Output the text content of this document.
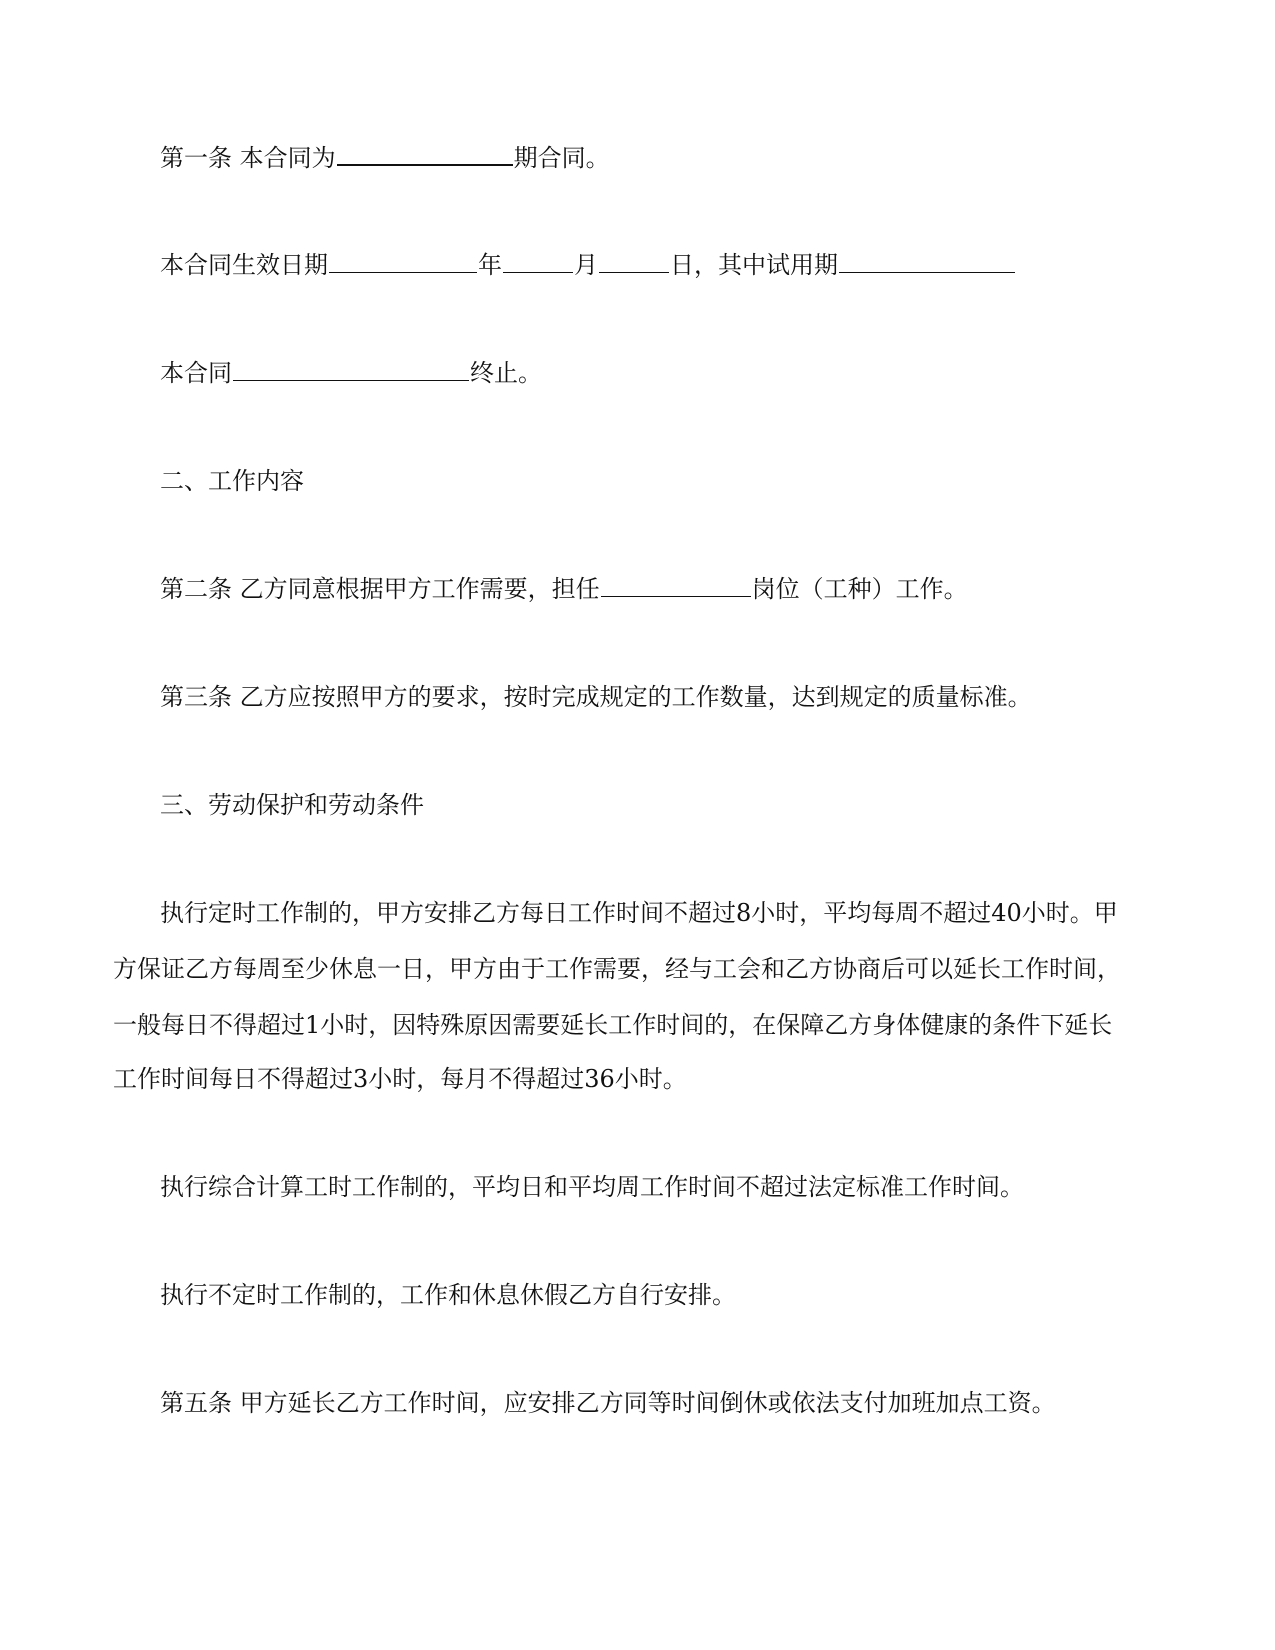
第一条 本合同为	期合同。
本合同生效日期	年	月	日，其中试用期
本合同	终止。
二、工作内容
第二条 乙方同意根据甲方工作需要，担任	岗位（工种）工作。
第三条 乙方应按照甲方的要求，按时完成规定的工作数量，达到规定的质量标准。
三、劳动保护和劳动条件
执行定时工作制的，甲方安排乙方每日工作时间不超过8小时，平均每周不超过40小时。甲
方保证乙方每周至少休息一日，甲方由于工作需要，经与工会和乙方协商后可以延长工作时间，
一般每日不得超过1小时，因特殊原因需要延长工作时间的，在保障乙方身体健康的条件下延长
工作时间每日不得超过3小时，每月不得超过36小时。
执行综合计算工时工作制的，平均日和平均周工作时间不超过法定标准工作时间。
执行不定时工作制的，工作和休息休假乙方自行安排。
第五条 甲方延长乙方工作时间，应安排乙方同等时间倒休或依法支付加班加点工资。
